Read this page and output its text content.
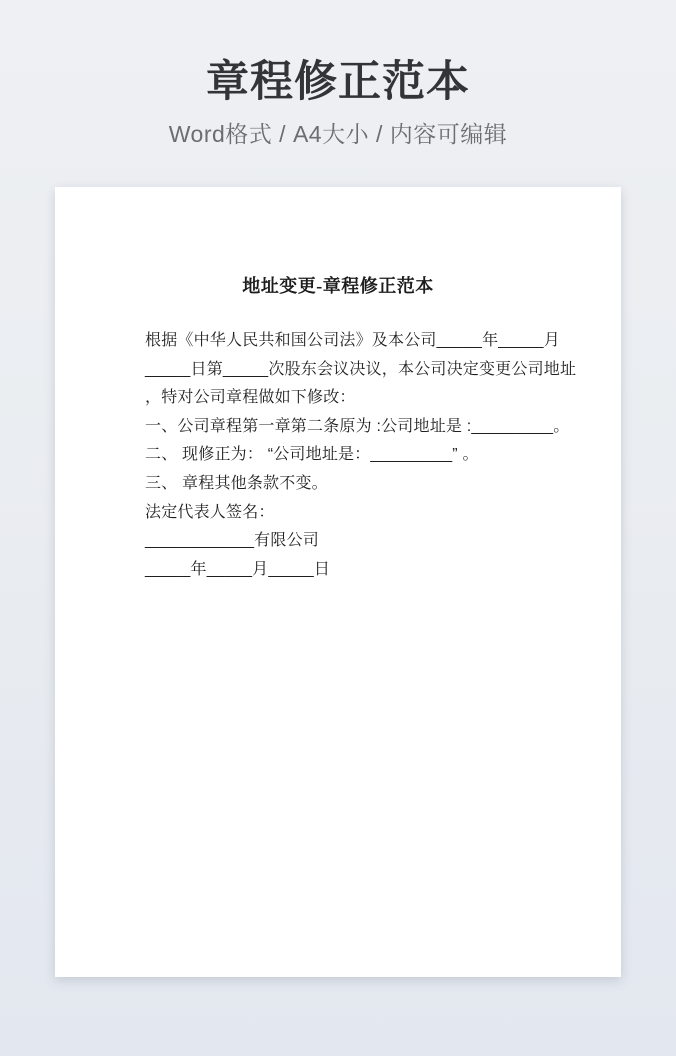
章程修正范本

Word格式 / A4大小 / 内容可编辑

地址变更-章程修正范本
根据《中华人民共和国公司法》及本公司_____年_____月
_____日第_____次股东会议决议，本公司决定变更公司地址
，特对公司章程做如下修改：
一、公司章程第一章第二条原为 :公司地址是 :_________。
二、 现修正为： “公司地址是：_________” 。
三、 章程其他条款不变。
法定代表人签名：
____________有限公司
_____年_____月_____日
